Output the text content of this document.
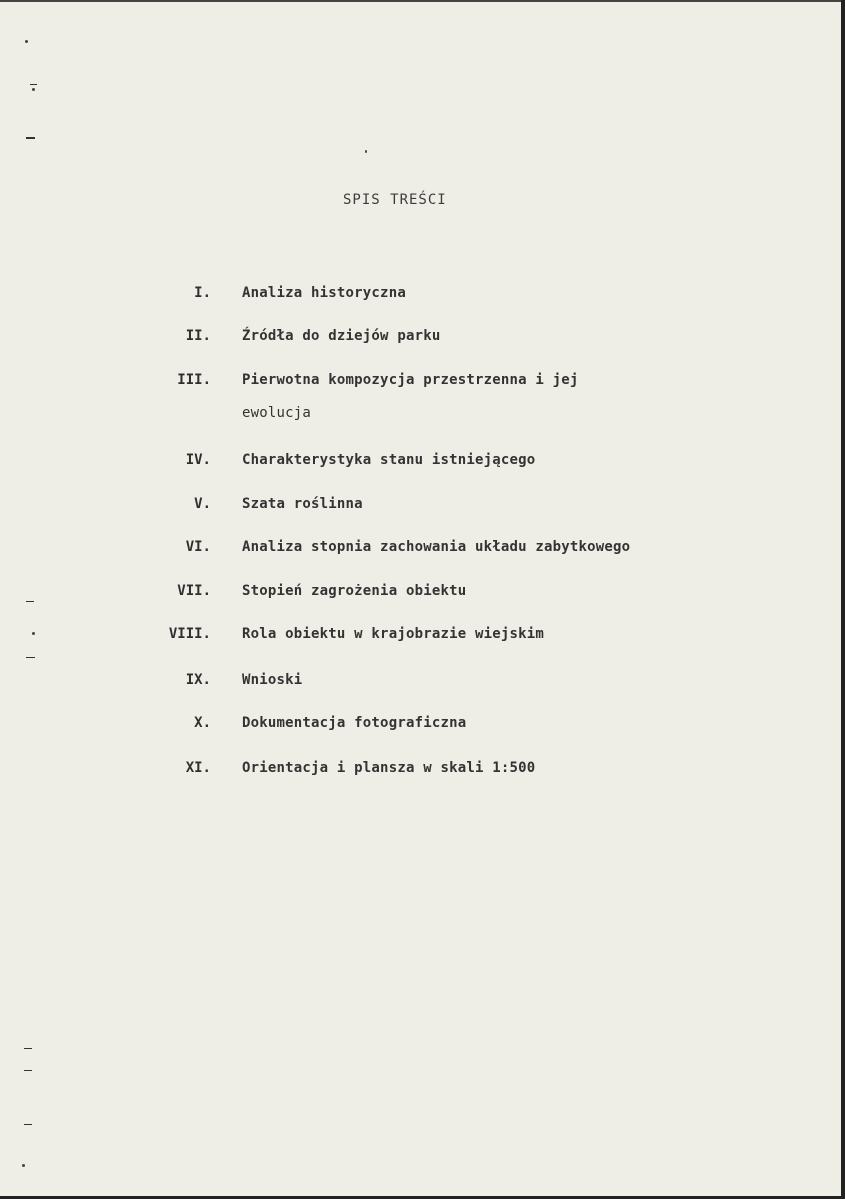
SPIS TREŚCI
I. Analiza historyczna
II. Źródła do dziejów parku
III. Pierwotna kompozycja przestrzenna i jej
ewolucja
IV. Charakterystyka stanu istniejącego
V. Szata roślinna
VI. Analiza stopnia zachowania układu zabytkowego
VII. Stopień zagrożenia obiektu
VIII. Rola obiektu w krajobrazie wiejskim
IX. Wnioski
X. Dokumentacja fotograficzna
XI. Orientacja i plansza w skali 1:500
